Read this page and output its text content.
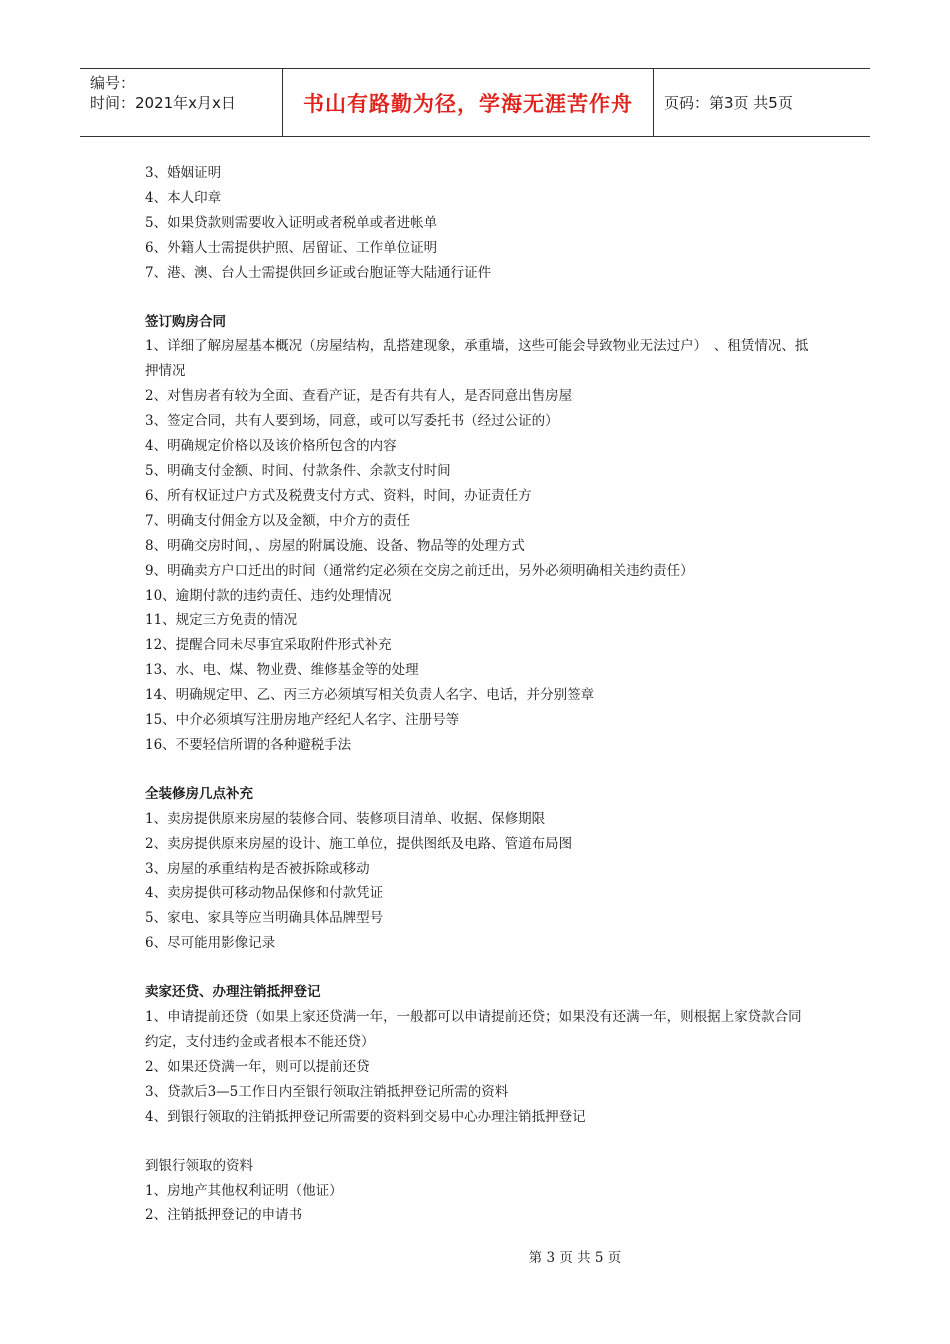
编号：
时间：2021年x月x日	书山有路勤为径，学海无涯苦作舟 页码：第3页 共5页

3、婚姻证明

4、本人印章

5、如果贷款则需要收入证明或者税单或者进帐单

6、外籍人士需提供护照、居留证、工作单位证明

7、港、澳、台人士需提供回乡证或台胞证等大陆通行证件

签订购房合同

1、详细了解房屋基本概况（房屋结构，乱搭建现象，承重墙，这些可能会导致物业无法过户）　、租赁情况、抵押情况

2、对售房者有较为全面、查看产证，是否有共有人，是否同意出售房屋

3、签定合同，共有人要到场，同意，或可以写委托书（经过公证的）

4、明确规定价格以及该价格所包含的内容

5、明确支付金额、时间、付款条件、余款支付时间

6、所有权证过户方式及税费支付方式、资料，时间，办证责任方

7、明确支付佣金方以及金额，中介方的责任

8、明确交房时间，、房屋的附属设施、设备、物品等的处理方式

9、明确卖方户口迁出的时间（通常约定必须在交房之前迁出，另外必须明确相关违约责任）

10、逾期付款的违约责任、违约处理情况

11、规定三方免责的情况

12、提醒合同未尽事宜采取附件形式补充

13、水、电、煤、物业费、维修基金等的处理

14、明确规定甲、乙、丙三方必须填写相关负责人名字、电话，并分别签章

15、中介必须填写注册房地产经纪人名字、注册号等

16、不要轻信所谓的各种避税手法

全装修房几点补充

1、卖房提供原来房屋的装修合同、装修项目清单、收据、保修期限

2、卖房提供原来房屋的设计、施工单位，提供图纸及电路、管道布局图

3、房屋的承重结构是否被拆除或移动

4、卖房提供可移动物品保修和付款凭证

5、家电、家具等应当明确具体品牌型号

6、尽可能用影像记录

卖家还贷、办理注销抵押登记

1、申请提前还贷（如果上家还贷满一年，一般都可以申请提前还贷；如果没有还满一年，则根据上家贷款合同约定，支付违约金或者根本不能还贷）

2、如果还贷满一年，则可以提前还贷

3、贷款后3—5工作日内至银行领取注销抵押登记所需的资料

4、到银行领取的注销抵押登记所需要的资料到交易中心办理注销抵押登记

到银行领取的资料

1、房地产其他权利证明（他证）

2、注销抵押登记的申请书

第 3 页 共 5 页
